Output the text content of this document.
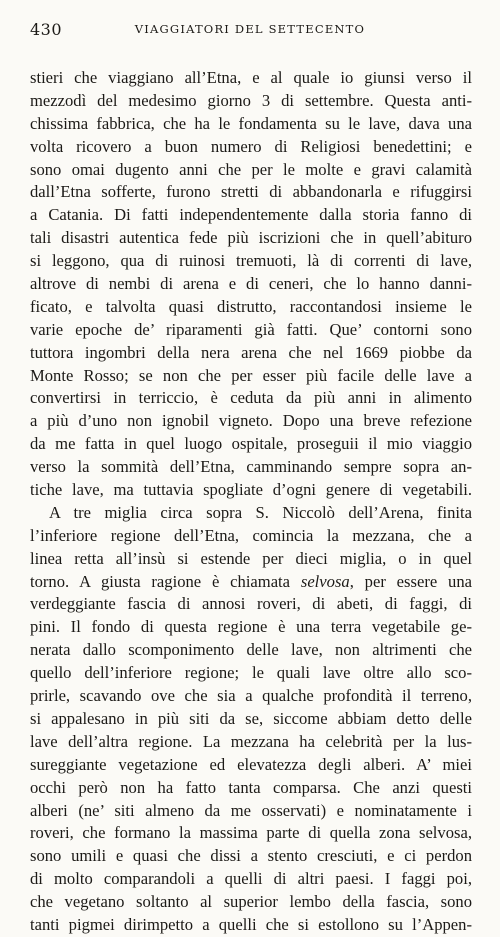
430	VIAGGIATORI DEL SETTECENTO
stieri che viaggiano all’Etna, e al quale io giunsi verso il
mezzodì del medesimo giorno 3 di settembre. Questa anti-
chissima fabbrica, che ha le fondamenta su le lave, dava una
volta ricovero a buon numero di Religiosi benedettini; e
sono omai dugento anni che per le molte e gravi calamità
dall’Etna sofferte, furono stretti di abbandonarla e rifuggirsi
a Catania. Di fatti independentemente dalla storia fanno di
tali disastri autentica fede più iscrizioni che in quell’abituro
si leggono, qua di ruinosi tremuoti, là di correnti di lave,
altrove di nembi di arena e di ceneri, che lo hanno danni-
ficato, e talvolta quasi distrutto, raccontandosi insieme le
varie epoche de’ riparamenti già fatti. Que’ contorni sono
tuttora ingombri della nera arena che nel 1669 piobbe da
Monte Rosso; se non che per esser più facile delle lave a
convertirsi in terriccio, è ceduta da più anni in alimento
a più d’uno non ignobil vigneto. Dopo una breve refezione
da me fatta in quel luogo ospitale, proseguii il mio viaggio
verso la sommità dell’Etna, camminando sempre sopra an-
tiche lave, ma tuttavia spogliate d’ogni genere di vegetabili.
A tre miglia circa sopra S. Niccolò dell’Arena, finita
l’inferiore regione dell’Etna, comincia la mezzana, che a
linea retta all’insù si estende per dieci miglia, o in quel
torno. A giusta ragione è chiamata selvosa, per essere una
verdeggiante fascia di annosi roveri, di abeti, di faggi, di
pini. Il fondo di questa regione è una terra vegetabile ge-
nerata dallo scomponimento delle lave, non altrimenti che
quello dell’inferiore regione; le quali lave oltre allo sco-
prirle, scavando ove che sia a qualche profondità il terreno,
si appalesano in più siti da se, siccome abbiam detto delle
lave dell’altra regione. La mezzana ha celebrità per la lus-
sureggiante vegetazione ed elevatezza degli alberi. A’ miei
occhi però non ha fatto tanta comparsa. Che anzi questi
alberi (ne’ siti almeno da me osservati) e nominatamente i
roveri, che formano la massima parte di quella zona selvosa,
sono umili e quasi che dissi a stento cresciuti, e ci perdon
di molto comparandoli a quelli di altri paesi. I faggi poi,
che vegetano soltanto al superior lembo della fascia, sono
tanti pigmei dirimpetto a quelli che si estollono su l’Appen-
